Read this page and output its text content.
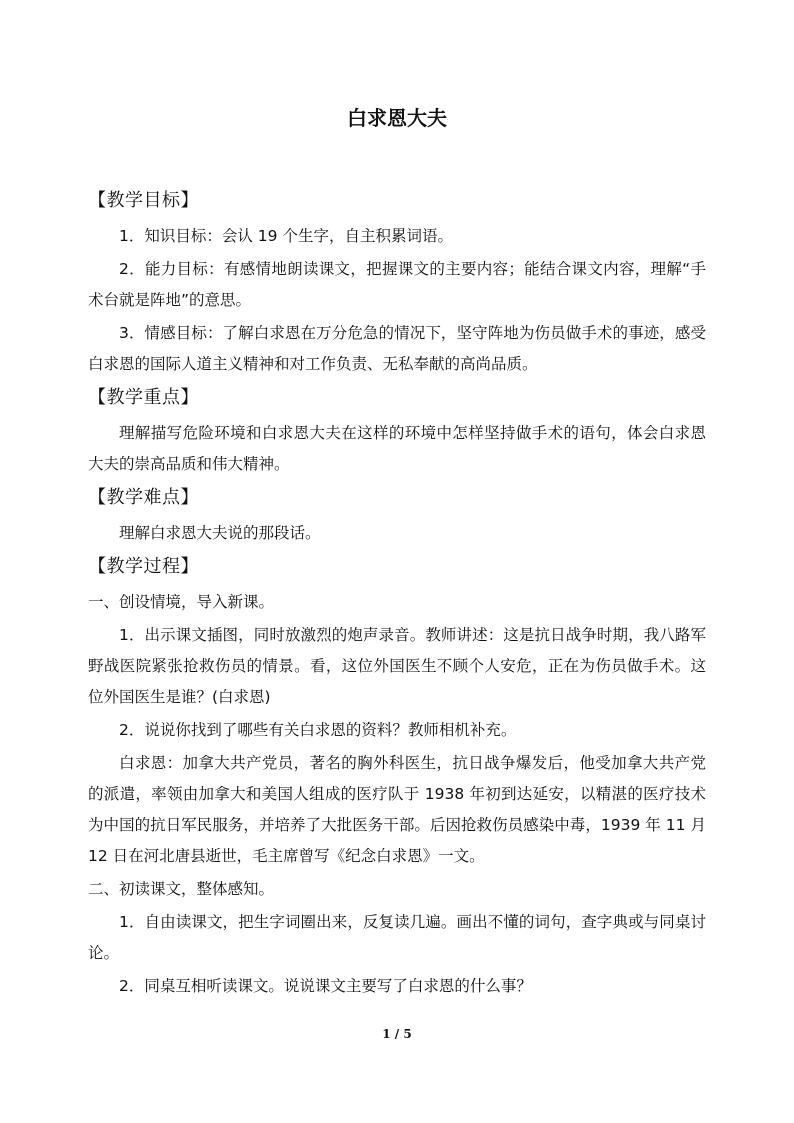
白求恩大夫
【教学目标】
1．知识目标：会认 19 个生字，自主积累词语。
2．能力目标：有感情地朗读课文，把握课文的主要内容；能结合课文内容，理解“手术台就是阵地”的意思。
3．情感目标：了解白求恩在万分危急的情况下，坚守阵地为伤员做手术的事迹，感受白求恩的国际人道主义精神和对工作负责、无私奉献的高尚品质。
【教学重点】
理解描写危险环境和白求恩大夫在这样的环境中怎样坚持做手术的语句，体会白求恩大夫的崇高品质和伟大精神。
【教学难点】
理解白求恩大夫说的那段话。
【教学过程】
一、创设情境，导入新课。
1．出示课文插图，同时放激烈的炮声录音。教师讲述：这是抗日战争时期，我八路军野战医院紧张抢救伤员的情景。看，这位外国医生不顾个人安危，正在为伤员做手术。这位外国医生是谁？(白求恩)
2．说说你找到了哪些有关白求恩的资料？教师相机补充。
白求恩：加拿大共产党员，著名的胸外科医生，抗日战争爆发后，他受加拿大共产党的派遣，率领由加拿大和美国人组成的医疗队于 1938 年初到达延安，以精湛的医疗技术为中国的抗日军民服务，并培养了大批医务干部。后因抢救伤员感染中毒，1939 年 11 月 12 日在河北唐县逝世，毛主席曾写《纪念白求恩》一文。
二、初读课文，整体感知。
1．自由读课文，把生字词圈出来，反复读几遍。画出不懂的词句，查字典或与同桌讨论。
2．同桌互相听读课文。说说课文主要写了白求恩的什么事？
1 / 5
